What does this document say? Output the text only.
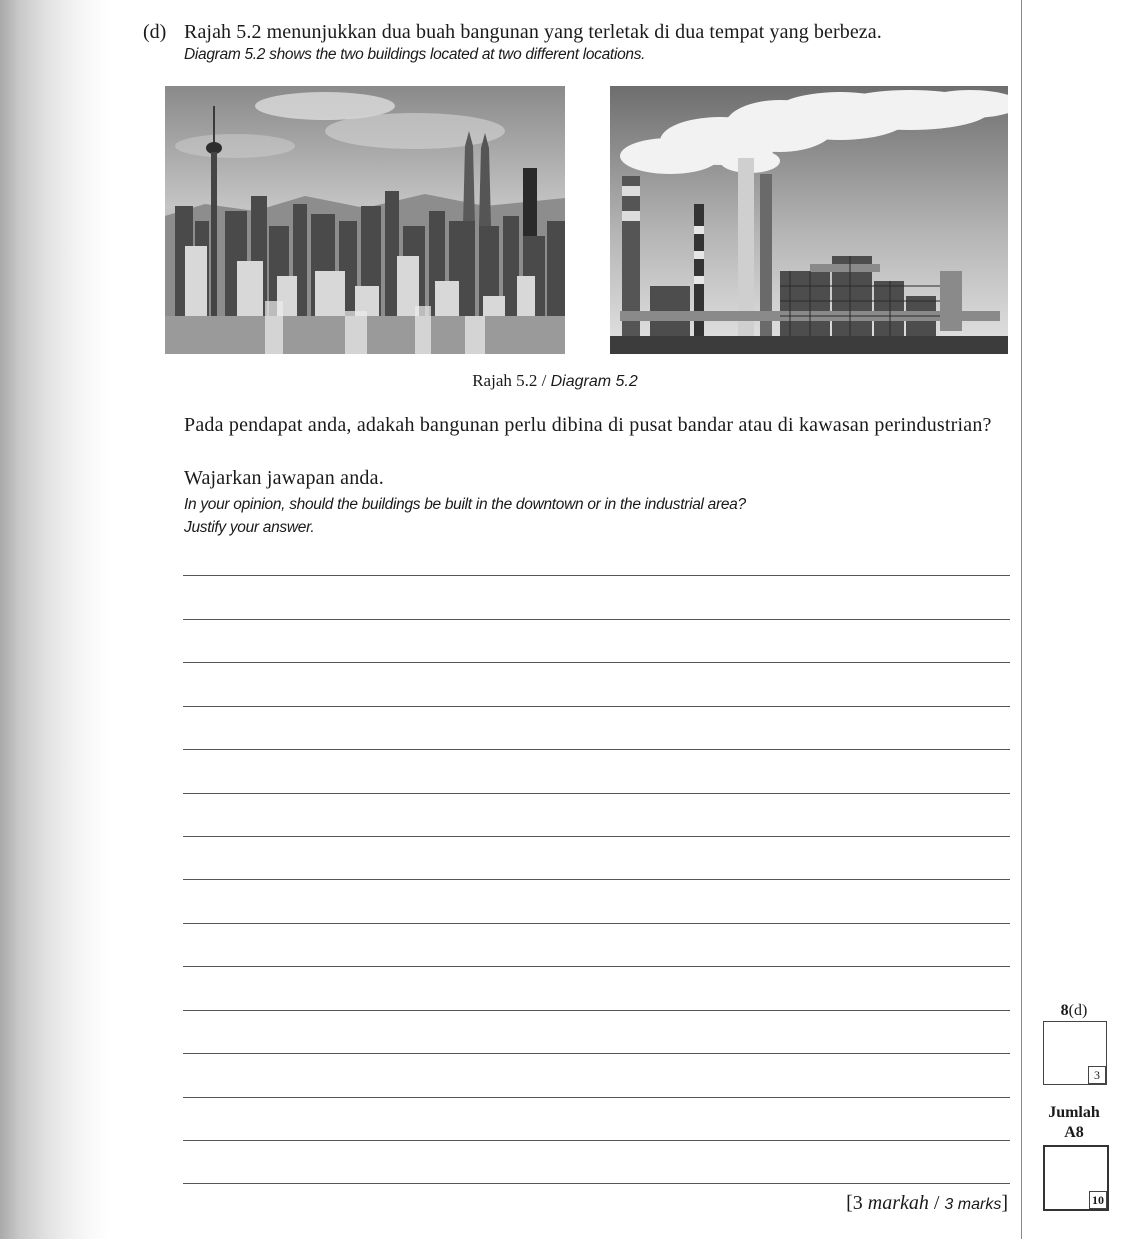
(d) Rajah 5.2 menunjukkan dua buah bangunan yang terletak di dua tempat yang berbeza.
Diagram 5.2 shows the two buildings located at two different locations.
Rajah 5.2 / Diagram 5.2
Pada pendapat anda, adakah bangunan perlu dibina di pusat bandar atau di kawasan perindustrian?
Wajarkan jawapan anda.
In your opinion, should the buildings be built in the downtown or in the industrial area?
Justify your answer.
[3 markah / 3 marks]
8(d)
3
Jumlah
A8
10
